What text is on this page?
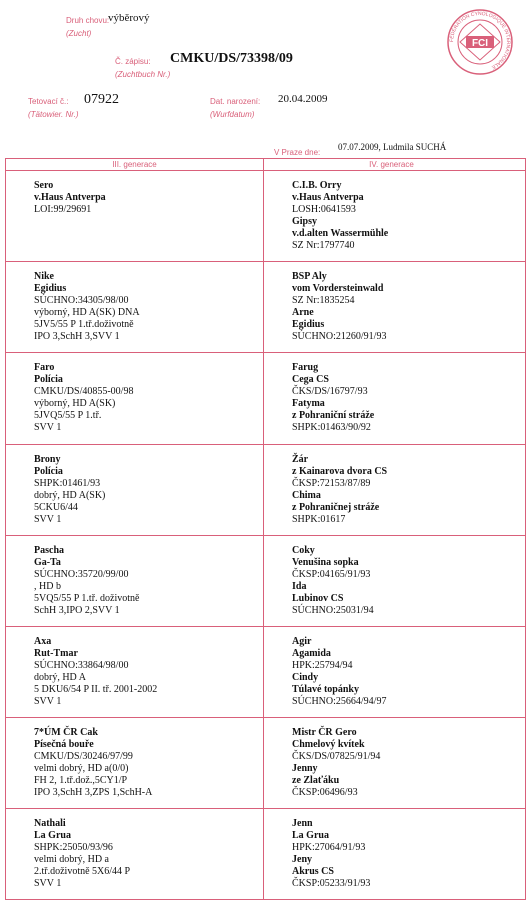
Druh chovu:
(Zucht)
výběrový
Č. zápisu:
(Zuchtbuch Nr.)
CMKU/DS/73398/09
Tetovací č.:
(Tätowier. Nr.)
07922	Dat. narození:
(Wurfdatum)
20.04.2009
V Praze dne:
07.07.2009, Ludmila SUCHÁ
FÉDÉRATION CYNOLOGIQUE INTERNATIONALE
FCI
III. generace	IV. generace
Sero
v.Haus Antverpa
LOI:99/29691
C.I.B. Orry
v.Haus Antverpa
LOSH:0641593
Gipsy
v.d.alten Wassermühle
SZ Nr:1797740
Nike
Egidius
SÚCHNO:34305/98/00
výborný, HD A(SK) DNA
5JV5/55 P 1.tř.doživotně
IPO 3,SchH 3,SVV 1
BSP Aly
vom Vordersteinwald
SZ Nr:1835254
Arne
Egidius
SÚCHNO:21260/91/93
Faro
Polícia
CMKU/DS/40855-00/98
výborný, HD A(SK)
5JVQ5/55 P 1.tř.
SVV 1
Farug
Cega CS
ČKS/DS/16797/93
Fatyma
z Pohraniční stráže
SHPK:01463/90/92
Brony
Polícia
SHPK:01461/93
dobrý, HD A(SK)
5CKU6/44
SVV 1
Žár
z Kainarova dvora CS
ČKSP:72153/87/89
Chima
z Pohraničnej stráže
SHPK:01617
Pascha
Ga-Ta
SÚCHNO:35720/99/00
, HD b
5VQ5/55 P 1.tř. doživotně
SchH 3,IPO 2,SVV 1
Coky
Venušina sopka
ČKSP:04165/91/93
Ida
Lubinov CS
SÚCHNO:25031/94
Axa
Rut-Tmar
SÚCHNO:33864/98/00
dobrý, HD A
5 DKU6/54 P II. tř. 2001-2002
SVV 1
Agir
Agamida
HPK:25794/94
Cindy
Túlavé topánky
SÚCHNO:25664/94/97
7*ÚM ČR Cak
Písečná bouře
CMKU/DS/30246/97/99
velmi dobrý, HD a(0/0)
FH 2, 1.tř.dož.,5CY1/P
IPO 3,SchH 3,ZPS 1,SchH-A
Mistr ČR Gero
Chmelový kvítek
ČKS/DS/07825/91/94
Jenny
ze Zlaťáku
ČKSP:06496/93
Nathali
La Grua
SHPK:25050/93/96
velmi dobrý, HD a
2.tř.doživotně 5X6/44 P
SVV 1
Jenn
La Grua
HPK:27064/91/93
Jeny
Akrus CS
ČKSP:05233/91/93
